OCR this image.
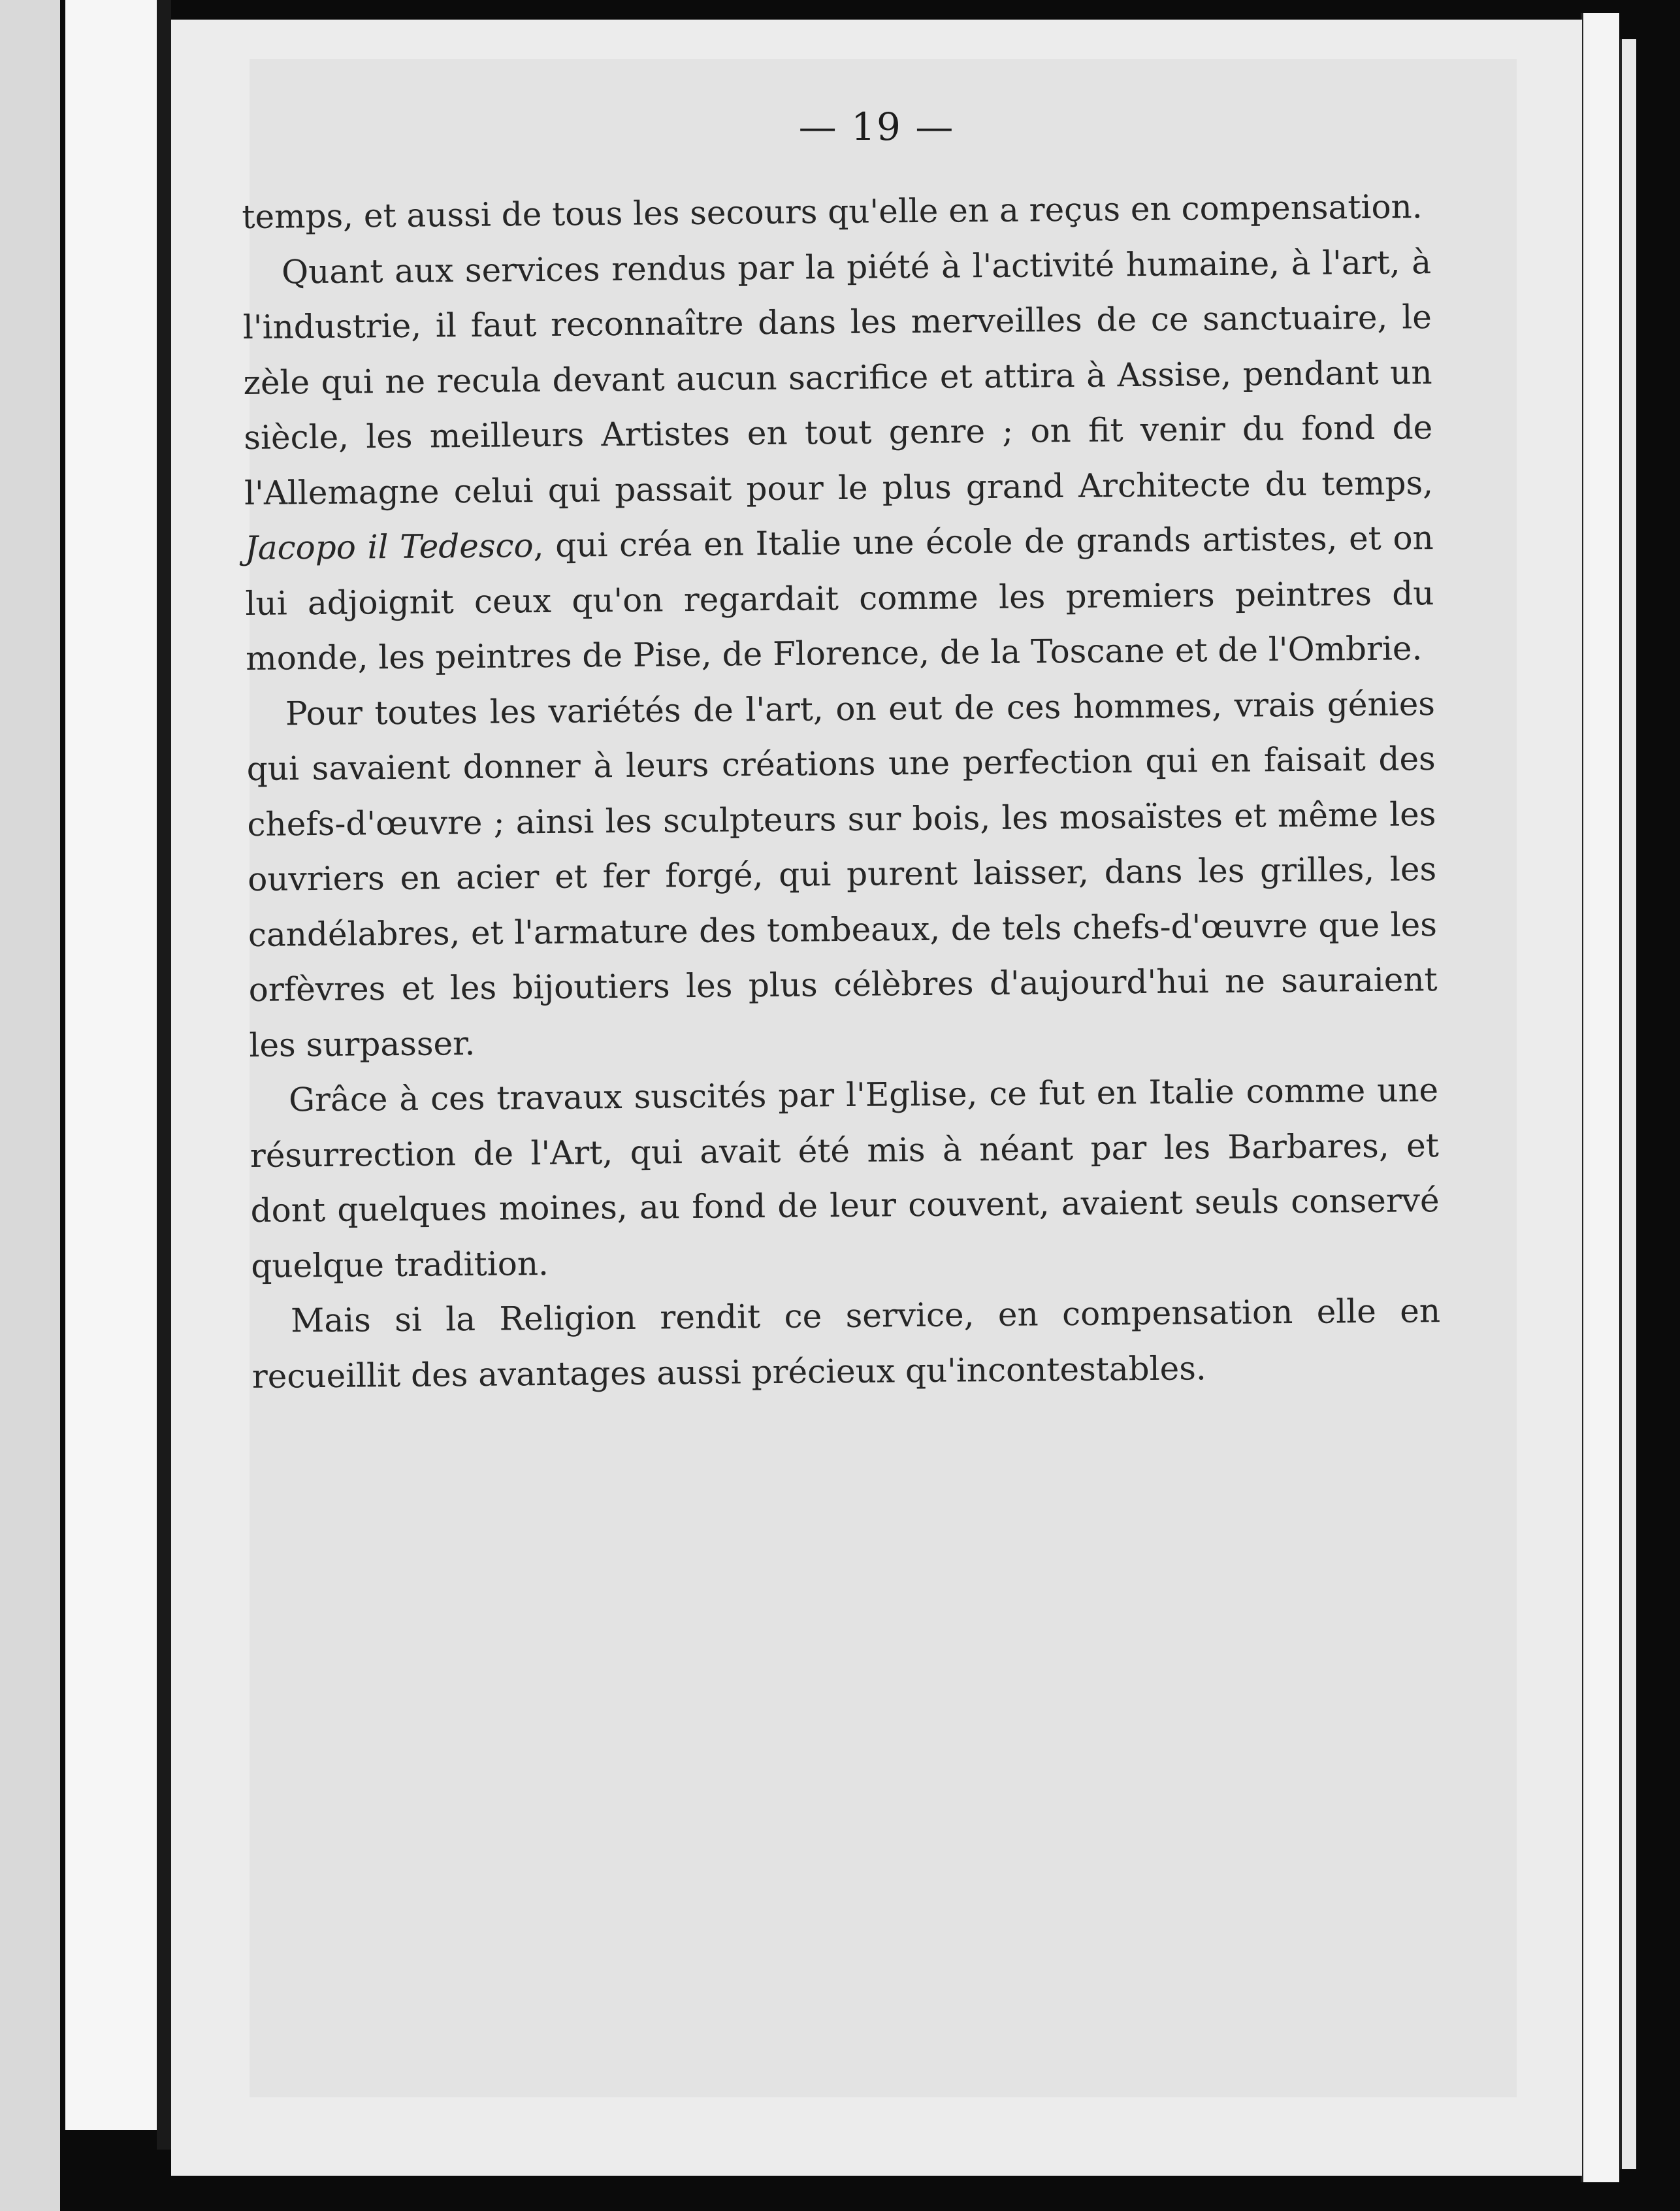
— 19 —

temps, et aussi de tous les secours qu'elle en a reçus en compensation.

Quant aux services rendus par la piété à l'activité humaine, à l'art, à l'industrie, il faut reconnaître dans les merveilles de ce sanctuaire, le zèle qui ne recula devant aucun sacrifice et attira à Assise, pendant un siècle, les meilleurs Artistes en tout genre ; on fit venir du fond de l'Allemagne celui qui passait pour le plus grand Architecte du temps, Jacopo il Tedesco, qui créa en Italie une école de grands artistes, et on lui adjoignit ceux qu'on regardait comme les premiers peintres du monde, les peintres de Pise, de Florence, de la Toscane et de l'Ombrie.

Pour toutes les variétés de l'art, on eut de ces hommes, vrais génies qui savaient donner à leurs créations une perfection qui en faisait des chefs-d'œuvre ; ainsi les sculpteurs sur bois, les mosaïstes et même les ouvriers en acier et fer forgé, qui purent laisser, dans les grilles, les candélabres, et l'armature des tombeaux, de tels chefs-d'œuvre que les orfèvres et les bijoutiers les plus célèbres d'aujourd'hui ne sauraient les surpasser.

Grâce à ces travaux suscités par l'Eglise, ce fut en Italie comme une résurrection de l'Art, qui avait été mis à néant par les Barbares, et dont quelques moines, au fond de leur couvent, avaient seuls conservé quelque tradition.

Mais si la Religion rendit ce service, en compensation elle en recueillit des avantages aussi précieux qu'incontestables.
